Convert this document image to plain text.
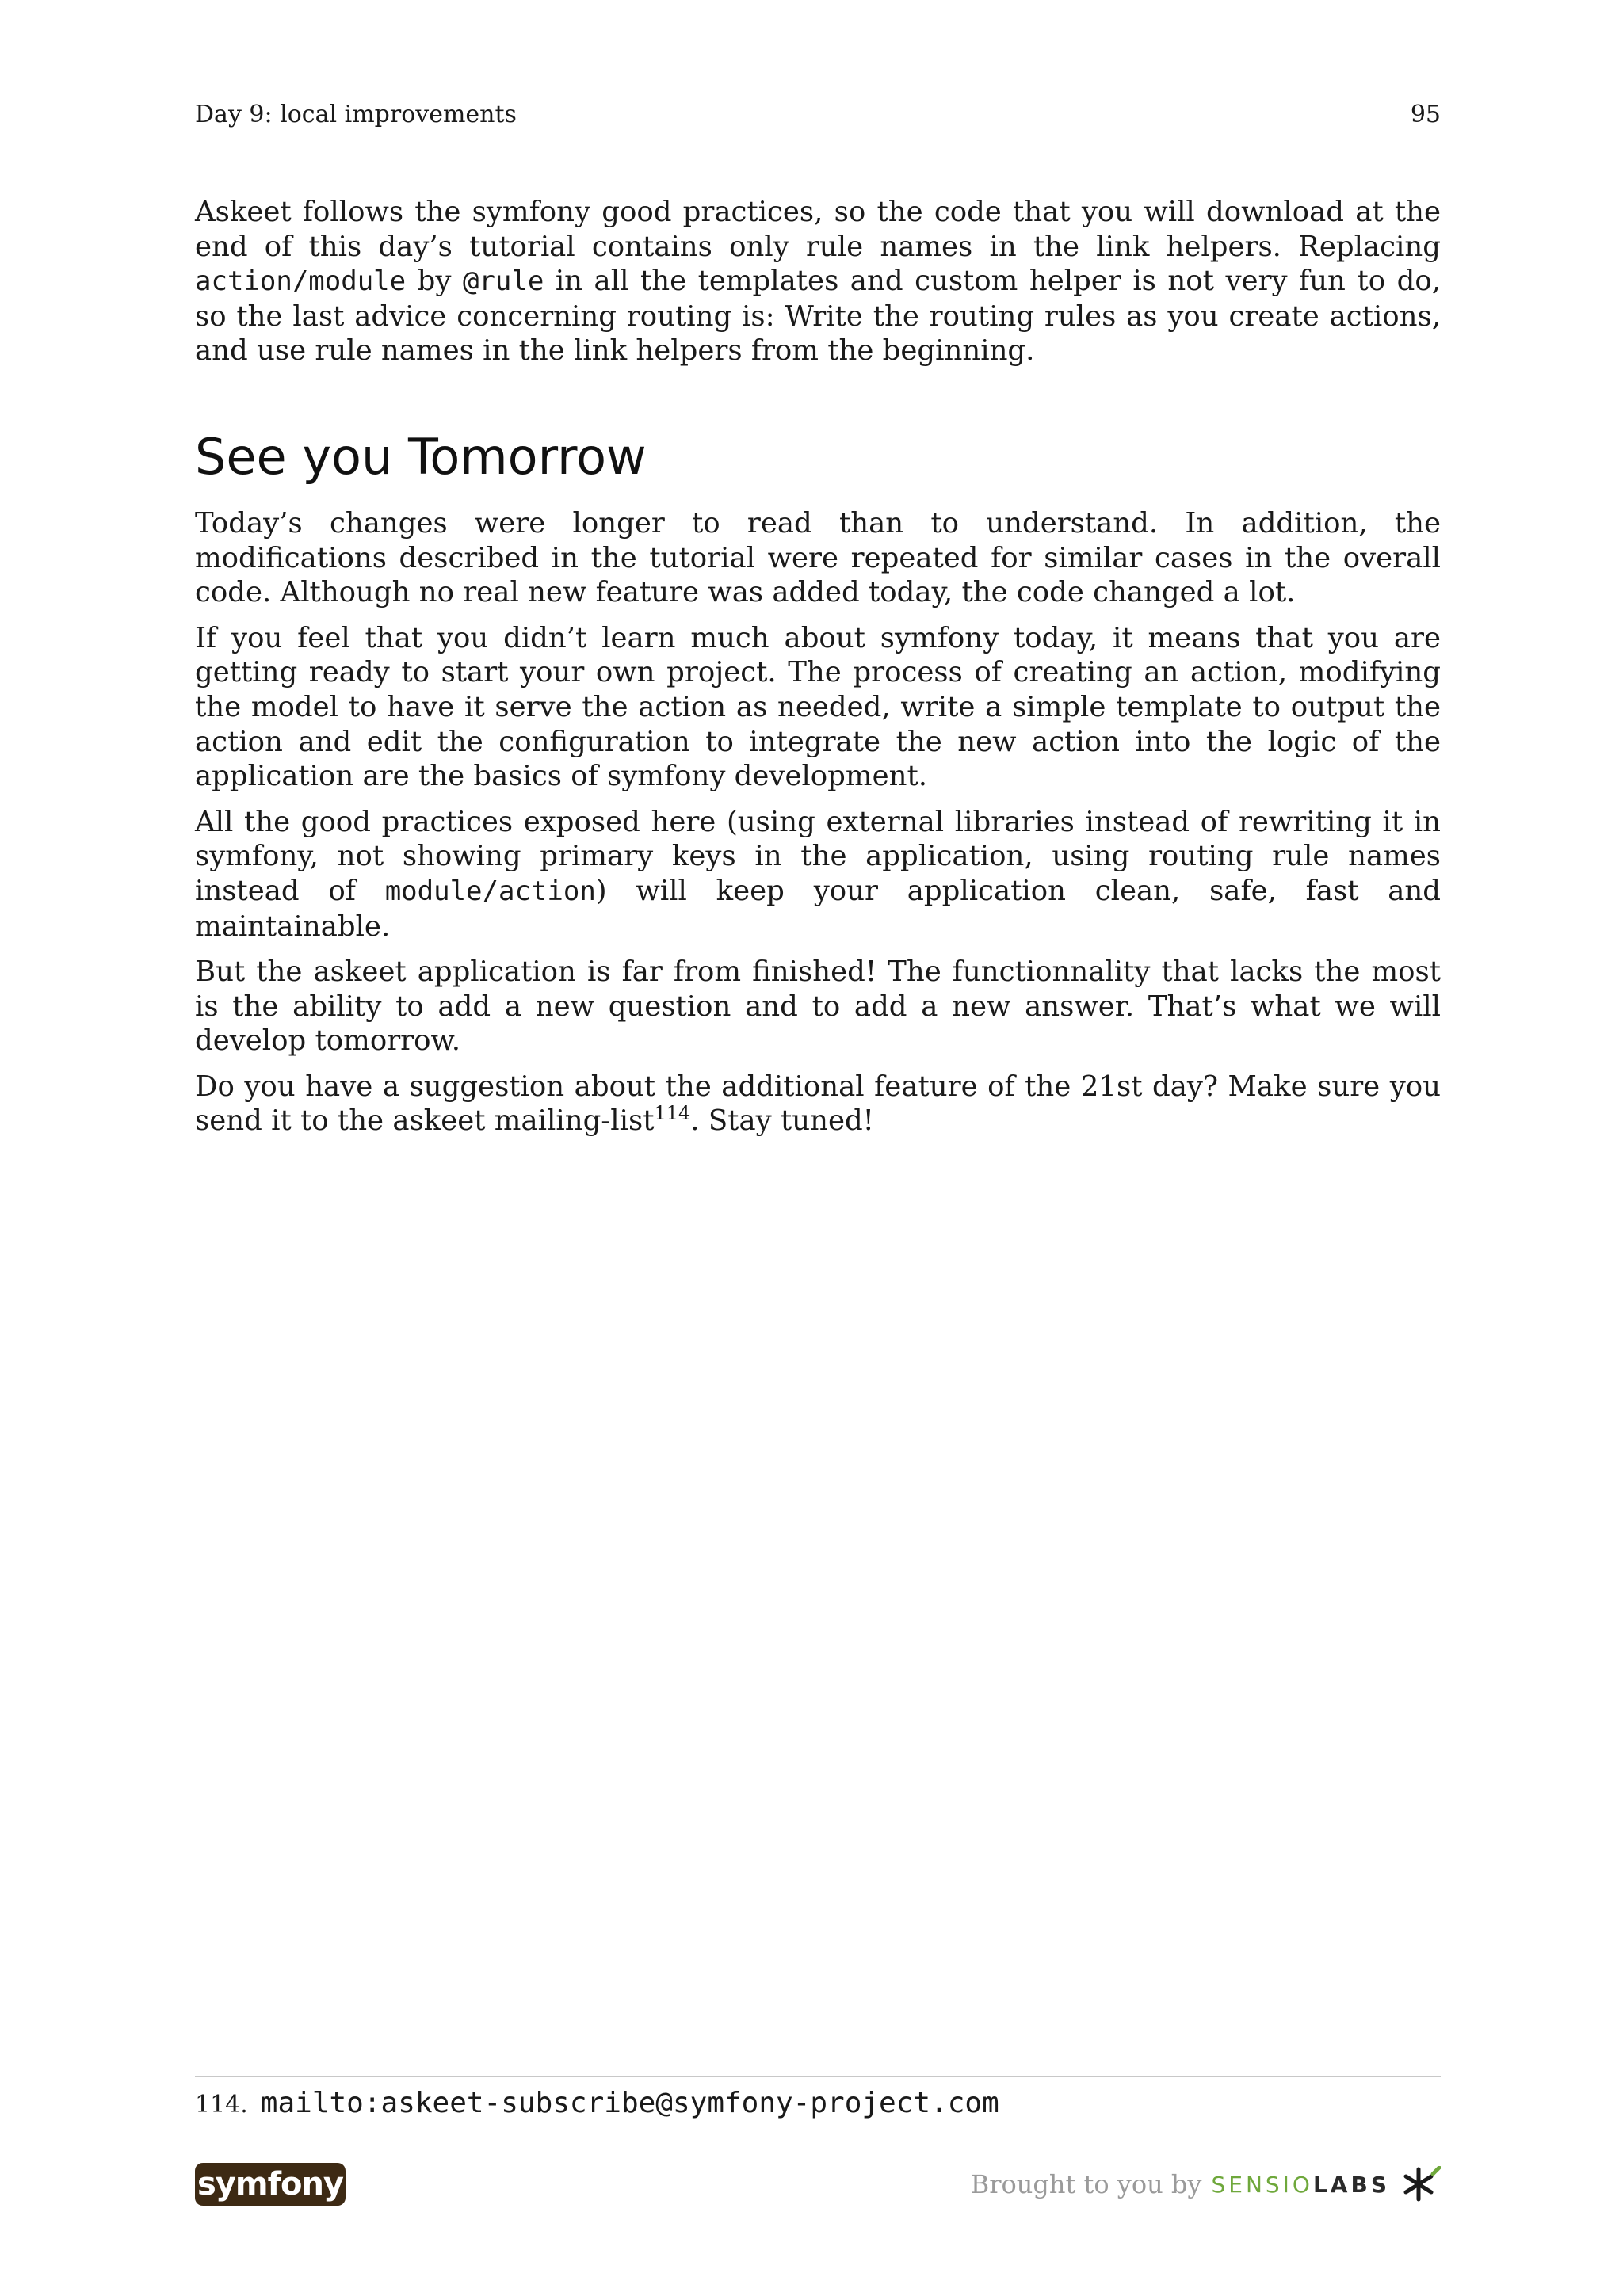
Day 9: local improvements	95

Askeet follows the symfony good practices, so the code that you will download at the end of this day’s tutorial contains only rule names in the link helpers. Replacing action/module by @rule in all the templates and custom helper is not very fun to do, so the last advice concerning routing is: Write the routing rules as you create actions, and use rule names in the link helpers from the beginning.

See you Tomorrow

Today’s changes were longer to read than to understand. In addition, the modifications described in the tutorial were repeated for similar cases in the overall code. Although no real new feature was added today, the code changed a lot.

If you feel that you didn’t learn much about symfony today, it means that you are getting ready to start your own project. The process of creating an action, modifying the model to have it serve the action as needed, write a simple template to output the action and edit the configuration to integrate the new action into the logic of the application are the basics of symfony development.

All the good practices exposed here (using external libraries instead of rewriting it in symfony, not showing primary keys in the application, using routing rule names instead of module/action) will keep your application clean, safe, fast and maintainable.

But the askeet application is far from finished! The functionnality that lacks the most is the ability to add a new question and to add a new answer. That’s what we will develop tomorrow.

Do you have a suggestion about the additional feature of the 21st day? Make sure you send it to the askeet mailing-list$^{114}$. Stay tuned!

114. mailto:askeet-subscribe@symfony-project.com
symfony	Brought to you by SENSIO LABS
